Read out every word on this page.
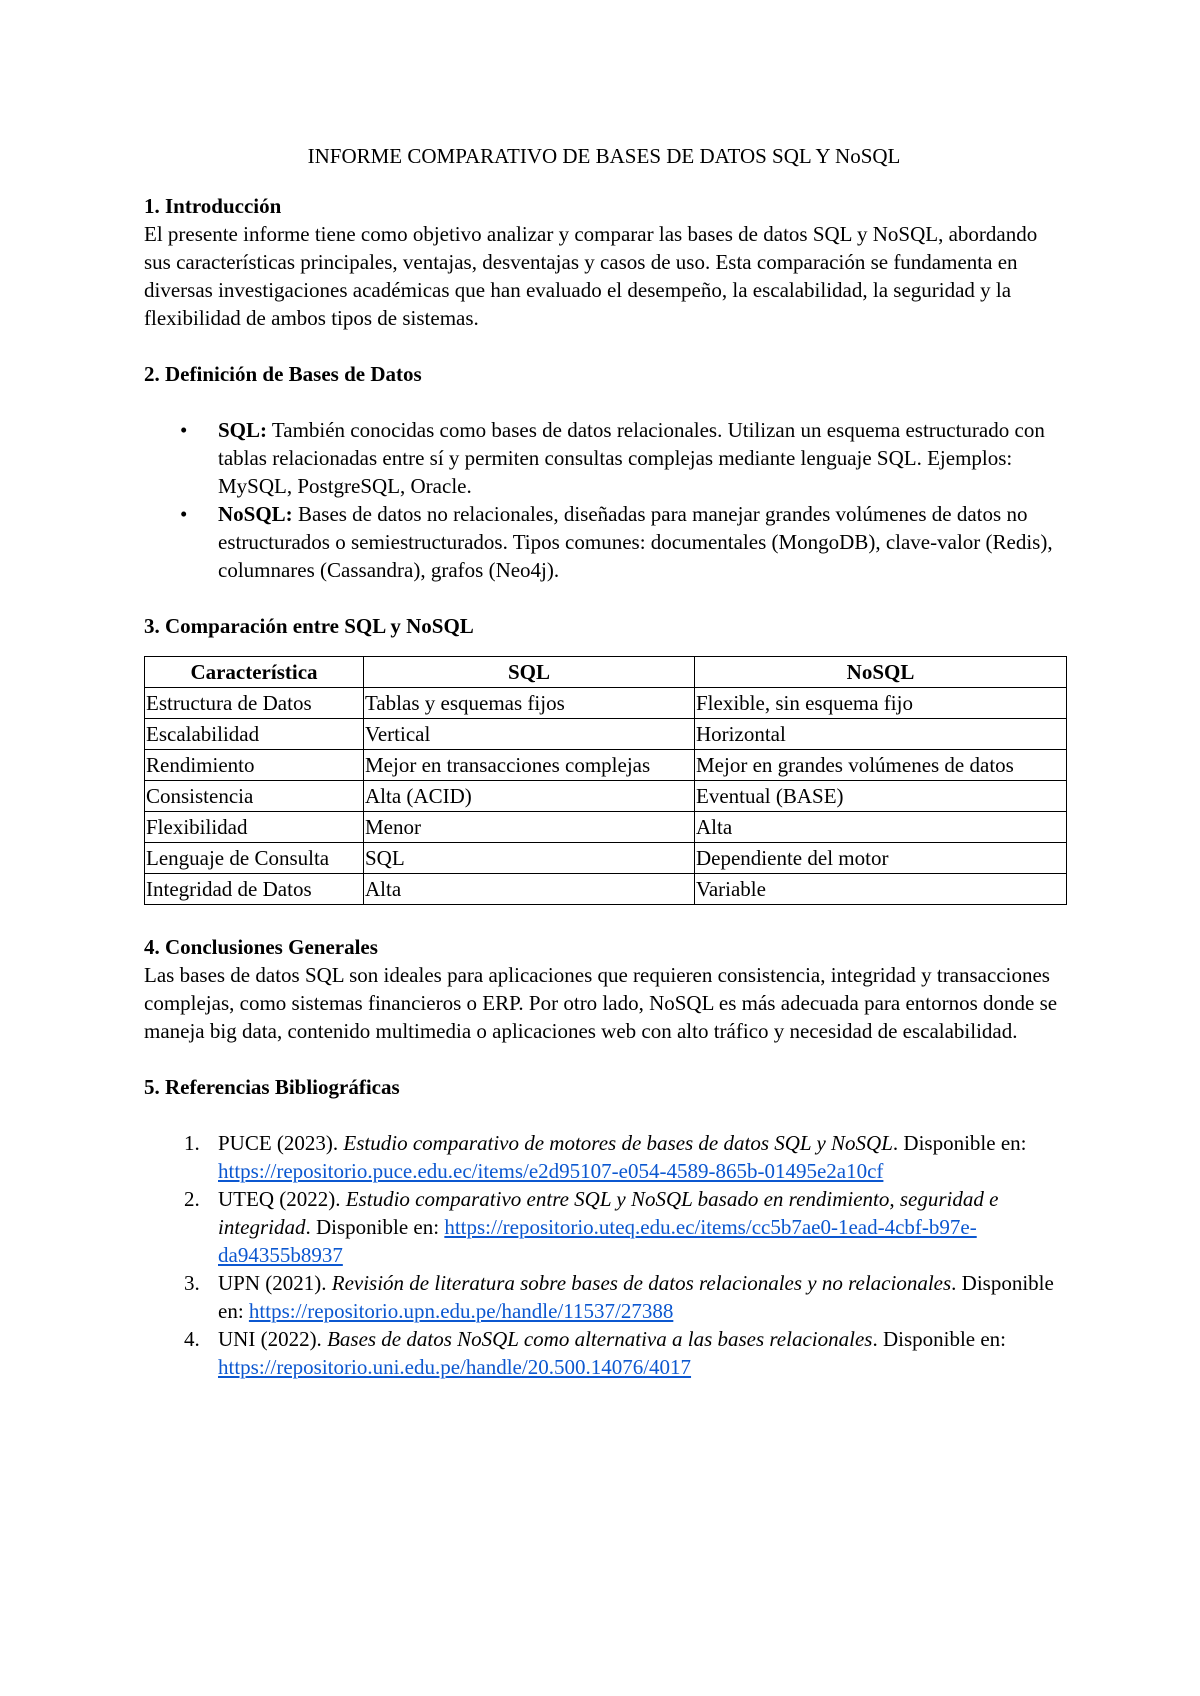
INFORME COMPARATIVO DE BASES DE DATOS SQL Y NoSQL

1. Introducción

El presente informe tiene como objetivo analizar y comparar las bases de datos SQL y NoSQL, abordando sus características principales, ventajas, desventajas y casos de uso. Esta comparación se fundamenta en diversas investigaciones académicas que han evaluado el desempeño, la escalabilidad, la seguridad y la flexibilidad de ambos tipos de sistemas.

2. Definición de Bases de Datos
• SQL: También conocidas como bases de datos relacionales. Utilizan un esquema estructurado con tablas relacionadas entre sí y permiten consultas complejas mediante lenguaje SQL. Ejemplos: MySQL, PostgreSQL, Oracle.
• NoSQL: Bases de datos no relacionales, diseñadas para manejar grandes volúmenes de datos no estructurados o semiestructurados. Tipos comunes: documentales (MongoDB), clave-valor (Redis), columnares (Cassandra), grafos (Neo4j).
3. Comparación entre SQL y NoSQL
Característica	SQL	NoSQL
Estructura de Datos	Tablas y esquemas fijos	Flexible, sin esquema fijo
Escalabilidad	Vertical	Horizontal
Rendimiento	Mejor en transacciones complejas	Mejor en grandes volúmenes de datos
Consistencia	Alta (ACID)	Eventual (BASE)
Flexibilidad	Menor	Alta
Lenguaje de Consulta	SQL	Dependiente del motor
Integridad de Datos	Alta	Variable
4. Conclusiones Generales

Las bases de datos SQL son ideales para aplicaciones que requieren consistencia, integridad y transacciones complejas, como sistemas financieros o ERP. Por otro lado, NoSQL es más adecuada para entornos donde se maneja big data, contenido multimedia o aplicaciones web con alto tráfico y necesidad de escalabilidad.

5. Referencias Bibliográficas
1. PUCE (2023). Estudio comparativo de motores de bases de datos SQL y NoSQL. Disponible en: https://repositorio.puce.edu.ec/items/e2d95107-e054-4589-865b-01495e2a10cf
2. UTEQ (2022). Estudio comparativo entre SQL y NoSQL basado en rendimiento, seguridad e integridad. Disponible en: https://repositorio.uteq.edu.ec/items/cc5b7ae0-1ead-4cbf-b97e-da94355b8937
3. UPN (2021). Revisión de literatura sobre bases de datos relacionales y no relacionales. Disponible en: https://repositorio.upn.edu.pe/handle/11537/27388
4. UNI (2022). Bases de datos NoSQL como alternativa a las bases relacionales. Disponible en: https://repositorio.uni.edu.pe/handle/20.500.14076/4017
